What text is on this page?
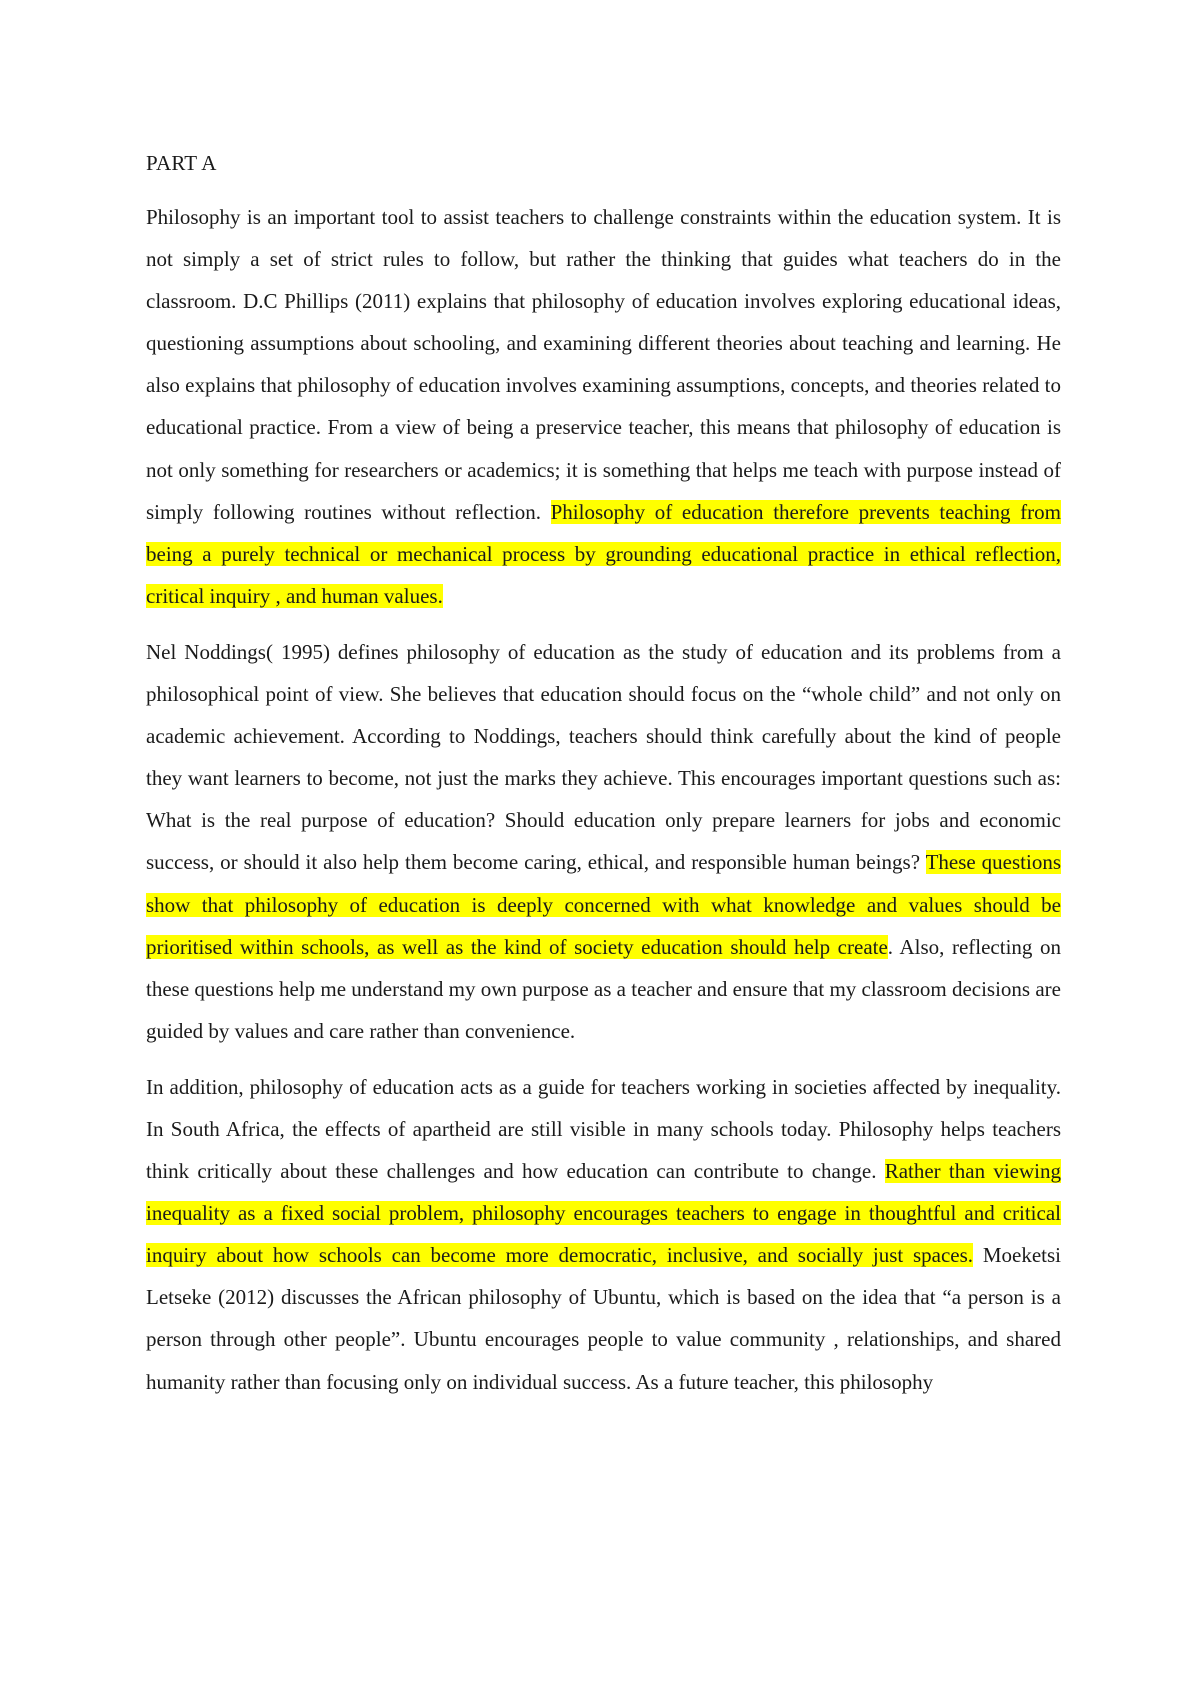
PART A

Philosophy is an important tool to assist teachers to challenge constraints within the education system. It is not simply a set of strict rules to follow, but rather the thinking that guides what teachers do in the classroom. D.C Phillips (2011) explains that philosophy of education involves exploring educational ideas, questioning assumptions about schooling, and examining different theories about teaching and learning. He also explains that philosophy of education involves examining assumptions, concepts, and theories related to educational practice. From a view of being a preservice teacher, this means that philosophy of education is not only something for researchers or academics; it is something that helps me teach with purpose instead of simply following routines without reflection. Philosophy of education therefore prevents teaching from being a purely technical or mechanical process by grounding educational practice in ethical reflection, critical inquiry , and human values.

Nel Noddings( 1995) defines philosophy of education as the study of education and its problems from a philosophical point of view. She believes that education should focus on the “whole child” and not only on academic achievement. According to Noddings, teachers should think carefully about the kind of people they want learners to become, not just the marks they achieve. This encourages important questions such as: What is the real purpose of education? Should education only prepare learners for jobs and economic success, or should it also help them become caring, ethical, and responsible human beings? These questions show that philosophy of education is deeply concerned with what knowledge and values should be prioritised within schools, as well as the kind of society education should help create. Also, reflecting on these questions help me understand my own purpose as a teacher and ensure that my classroom decisions are guided by values and care rather than convenience.

In addition, philosophy of education acts as a guide for teachers working in societies affected by inequality. In South Africa, the effects of apartheid are still visible in many schools today. Philosophy helps teachers think critically about these challenges and how education can contribute to change. Rather than viewing inequality as a fixed social problem, philosophy encourages teachers to engage in thoughtful and critical inquiry about how schools can become more democratic, inclusive, and socially just spaces. Moeketsi Letseke (2012) discusses the African philosophy of Ubuntu, which is based on the idea that “a person is a person through other people”. Ubuntu encourages people to value community , relationships, and shared humanity rather than focusing only on individual success. As a future teacher, this philosophy
